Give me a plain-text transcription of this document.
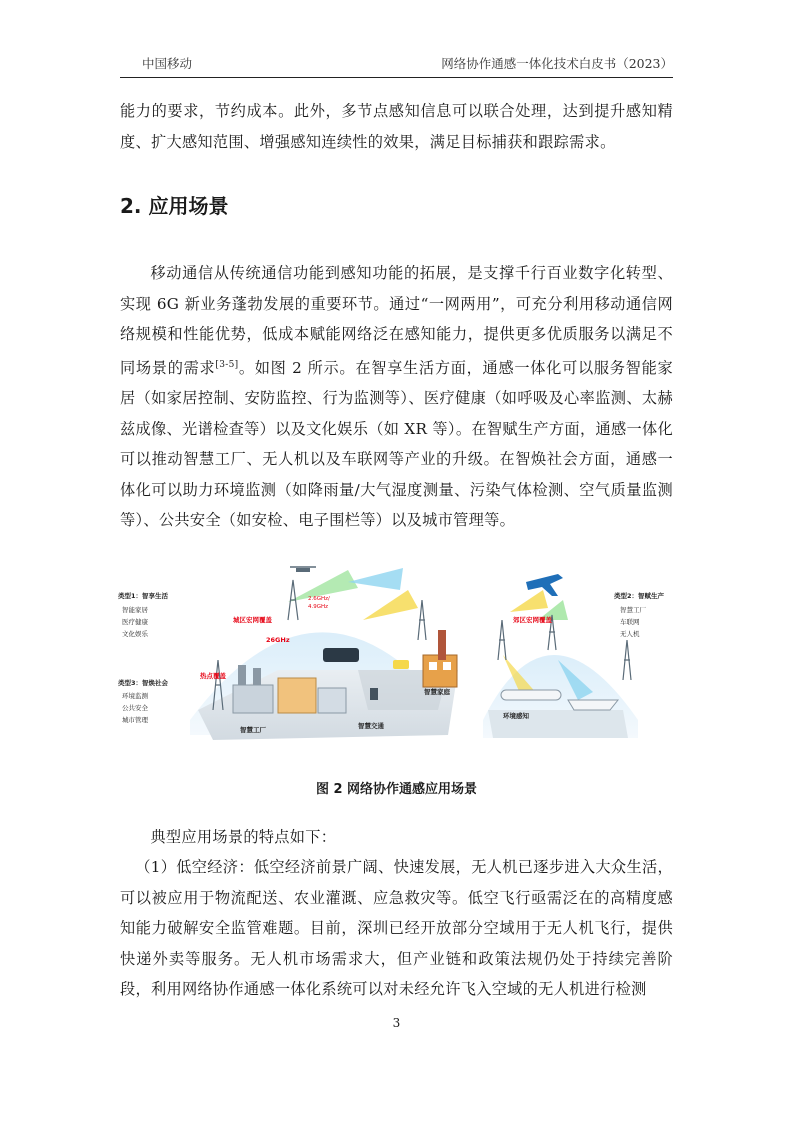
中国移动	网络协作通感一体化技术白皮书（2023）
能力的要求，节约成本。此外，多节点感知信息可以联合处理，达到提升感知精度、扩大感知范围、增强感知连续性的效果，满足目标捕获和跟踪需求。
2. 应用场景
移动通信从传统通信功能到感知功能的拓展，是支撑千行百业数字化转型、实现 6G 新业务蓬勃发展的重要环节。通过“一网两用”，可充分利用移动通信网络规模和性能优势，低成本赋能网络泛在感知能力，提供更多优质服务以满足不同场景的需求[3-5]。如图 2 所示。在智享生活方面，通感一体化可以服务智能家居（如家居控制、安防监控、行为监测等）、医疗健康（如呼吸及心率监测、太赫兹成像、光谱检查等）以及文化娱乐（如 XR 等）。在智赋生产方面，通感一体化可以推动智慧工厂、无人机以及车联网等产业的升级。在智焕社会方面，通感一体化可以助力环境监测（如降雨量/大气湿度测量、污染气体检测、空气质量监测等）、公共安全（如安检、电子围栏等）以及城市管理等。
类型1：智享生活
智能家居
医疗健康
文化娱乐
类型3：智焕社会
环境监测
公共安全
城市管理
类型2：智赋生产
智慧工厂
车联网
无人机
城区宏网覆盖	郊区宏网覆盖
热点覆盖
2.6GHz/
4.9GHz
26GHz
智慧工厂	智慧交通
智慧家庭
环境感知
图 2 网络协作通感应用场景
典型应用场景的特点如下：
（1）低空经济：低空经济前景广阔、快速发展，无人机已逐步进入大众生活，可以被应用于物流配送、农业灌溉、应急救灾等。低空飞行亟需泛在的高精度感知能力破解安全监管难题。目前，深圳已经开放部分空域用于无人机飞行，提供快递外卖等服务。无人机市场需求大，但产业链和政策法规仍处于持续完善阶段，利用网络协作通感一体化系统可以对未经允许飞入空域的无人机进行检测
3
